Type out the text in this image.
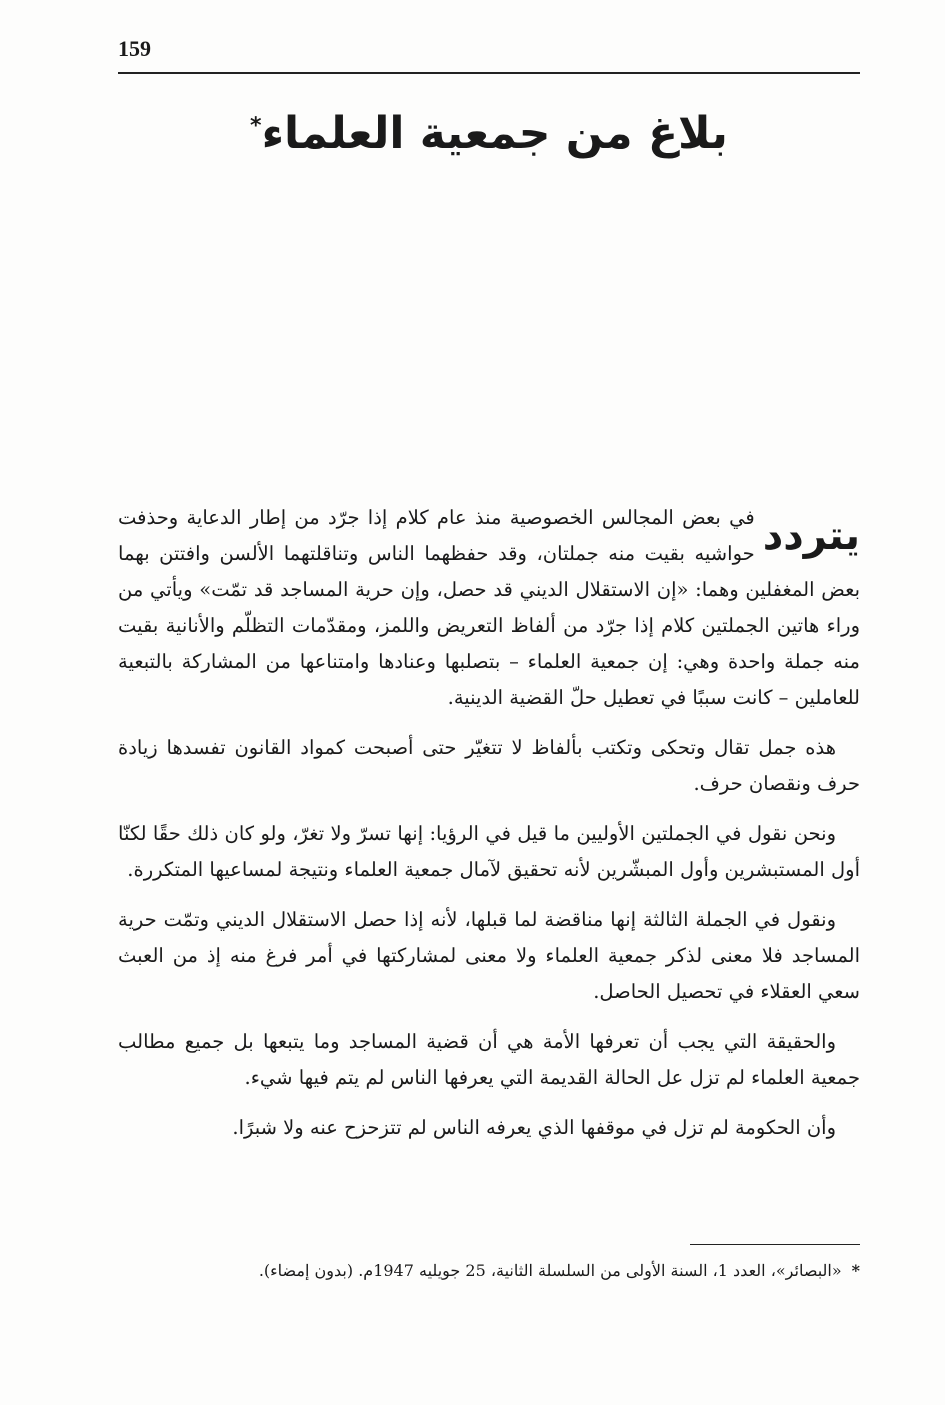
159
بلاغ من جمعية العلماء*

يتردد
في بعض المجالس الخصوصية منذ عام كلام إذا جرّد من إطار الدعاية وحذفت حواشيه بقيت منه جملتان، وقد حفظهما الناس وتناقلتهما الألسن وافتتن بهما بعض المغفلين وهما: «إن الاستقلال الديني قد حصل، وإن حرية المساجد قد تمّت» ويأتي من وراء هاتين الجملتين كلام إذا جرّد من ألفاظ التعريض واللمز، ومقدّمات التظلّم والأنانية بقيت منه جملة واحدة وهي: إن جمعية العلماء – بتصلبها وعنادها وامتناعها من المشاركة بالتبعية للعاملين – كانت سببًا في تعطيل حلّ القضية الدينية.

هذه جمل تقال وتحكى وتكتب بألفاظ لا تتغيّر حتى أصبحت كمواد القانون تفسدها زيادة حرف ونقصان حرف.

ونحن نقول في الجملتين الأوليين ما قيل في الرؤيا: إنها تسرّ ولا تغرّ، ولو كان ذلك حقًا لكنّا أول المستبشرين وأول المبشّرين لأنه تحقيق لآمال جمعية العلماء ونتيجة لمساعيها المتكررة.

ونقول في الجملة الثالثة إنها مناقضة لما قبلها، لأنه إذا حصل الاستقلال الديني وتمّت حرية المساجد فلا معنى لذكر جمعية العلماء ولا معنى لمشاركتها في أمر فرغ منه إذ من العبث سعي العقلاء في تحصيل الحاصل.

والحقيقة التي يجب أن تعرفها الأمة هي أن قضية المساجد وما يتبعها بل جميع مطالب جمعية العلماء لم تزل عل الحالة القديمة التي يعرفها الناس لم يتم فيها شيء.

وأن الحكومة لم تزل في موقفها الذي يعرفه الناس لم تتزحزح عنه ولا شبرًا.

*«البصائر»، العدد 1، السنة الأولى من السلسلة الثانية، 25 جويليه 1947م. (بدون إمضاء).
